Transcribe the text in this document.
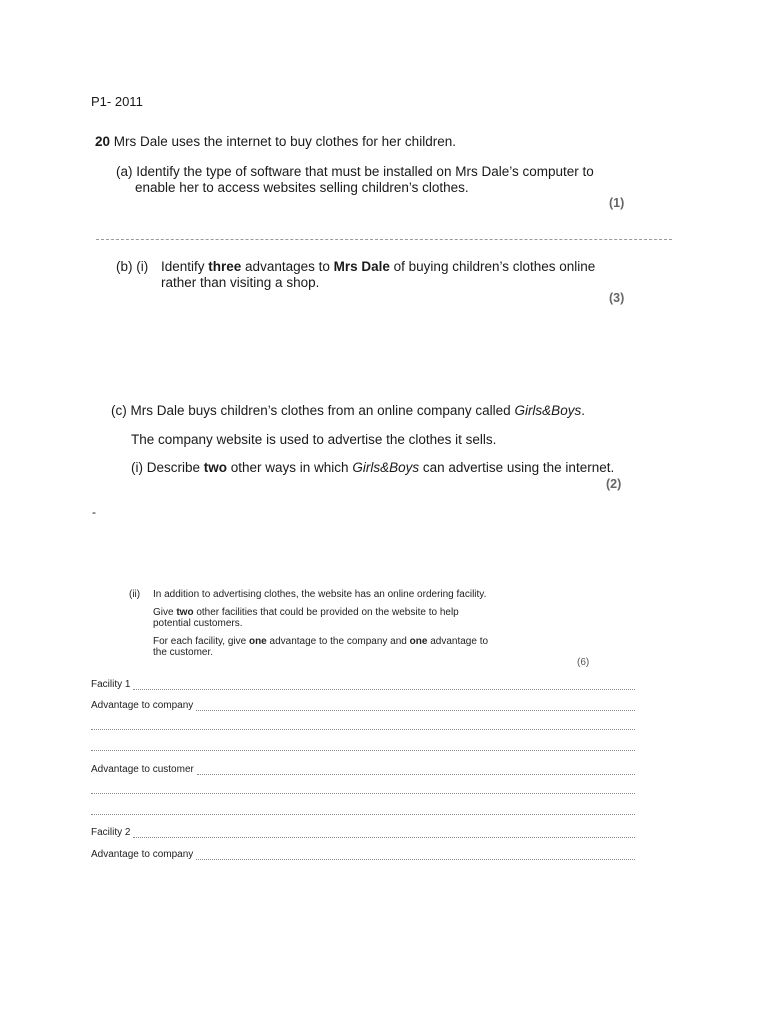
P1- 2011
20 Mrs Dale uses the internet to buy clothes for her children.
(a) Identify the type of software that must be installed on Mrs Dale’s computer to
enable her to access websites selling children’s clothes.
(1)
(b) (i) Identify three advantages to Mrs Dale of buying children’s clothes online
rather than visiting a shop.
(3)
(c) Mrs Dale buys children’s clothes from an online company called Girls&Boys.
The company website is used to advertise the clothes it sells.
(i) Describe two other ways in which Girls&Boys can advertise using the internet.
(2)
-
(ii) In addition to advertising clothes, the website has an online ordering facility.
Give two other facilities that could be provided on the website to help
potential customers.
For each facility, give one advantage to the company and one advantage to
the customer.
(6)
Facility 1
Advantage to company
Advantage to customer
Facility 2
Advantage to company
